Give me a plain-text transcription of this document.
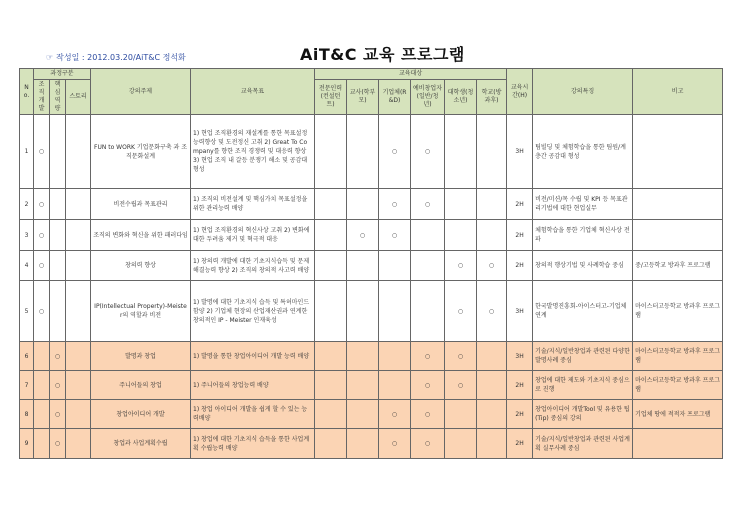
☞ 작성일 : 2012.03.20/AiT&C 정석화	AiT&C 교육 프로그램
No.	과정구분			강의주제	교육목표	교육대상						교육시간(H)	강의특징	비고
	조직개발	핵심역량	스토리			전문인력(컨설턴트)	교사(학부모)	기업체(R&D)	예비창업자(일반/청년)	대학생(청소년)	학교(방과후)			
1	○			FUN to WORK 기업문화구축 과 조직문화설계	1) 현업 조직환경의 재설계를 통한 목표설정 능력향상 및 도전정신 고취 2) Great To Company를 향한 조직 경쟁력 및 대응력 향상 3) 현업 조직 내 갈등 분쟁기 해소 및 공감대 형성			○	○			3H	팀빌딩 및 체험학습을 통한 팀원/계층간 공감대 형성	
2	○			비전수립과 목표관리	1) 조직의 비전설계 및 핵심가치 목표설정을 위한 관리능력 배양			○	○			2H	비전/미션/목 수립 및 KPI 등 목표관리기법에 대한 현업실무	
3	○			조직의 변화와 혁신을 위한 패러다임	1) 현업 조직환경의 혁신사상 고취 2) 변화에 대한 두려움 제거 및 혁극적 대응		○	○				2H	체험학습을 통한 기업체 혁신사상 전파	
4	○			창의력 향상	1) 창의력 개발에 대한 기초지식습득 및 문제해결능력 향상 2) 조직의 창의적 사고력 배양					○	○	2H	창의적 행상기법 및 사례학습 중심	중/고등학교 방과후 프로그램
5	○			IP(Intellectual Property)-Meister의 역할과 비전	1) 발명에 대한 기초지식 습득 및 특허마인드 함양 2) 기업체 현장의 산업재산권과 연계한 창의적인 IP - Meister 인재육성					○	○	3H	한국발명진흥회-아이스터고-기업체 연계	마이스터고등학교 방과후 프로그램
6		○		발명과 창업	1) 발명을 통한 창업아이디어 개발 능력 배양				○	○		3H	기술/지식/일반창업과 관련된 다양한 발명사례 중심	마이스터고등학교 방과후 프로그램
7		○		주니어들의 창업	1) 주니어들의 창업능력 배양				○	○		2H	창업에 대한 제도와 기초지식 중심으로 진행	마이스터고등학교 방과후 프로그램
8		○		창업아이디어 개발	1) 창업 아이디어 개발을 쉽게 할 수 있는 능력배양			○	○			2H	창업아이디어 개발Tool 및 유용한 팁(Tip) 중심의 강의	기업체 땅에 적적자 프로그램
9		○		창업과 사업계획수립	1) 창업에 대한 기초지식 습득을 통한 사업계획 수립능력 배양			○	○			2H	기술/지식/일반창업과 관련된 사업계획 실무사례 중심	
